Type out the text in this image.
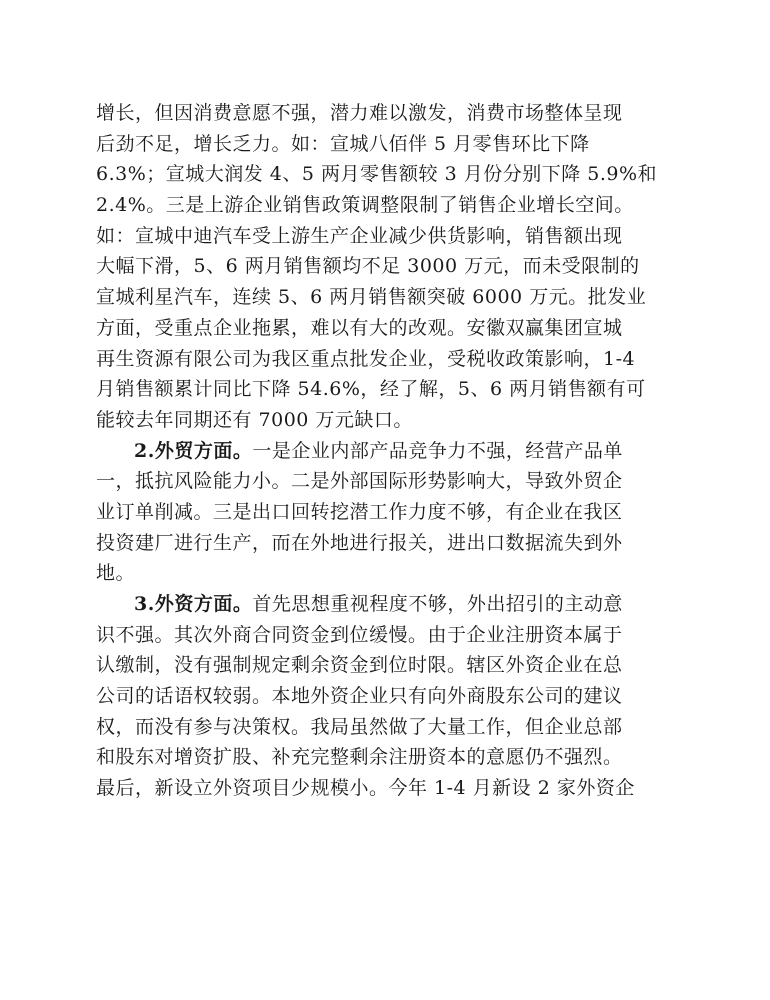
增长，但因消费意愿不强，潜力难以激发，消费市场整体呈现
后劲不足，增长乏力。如：宣城八佰伴 5 月零售环比下降
6.3%；宣城大润发 4、5 两月零售额较 3 月份分别下降 5.9%和
2.4%。三是上游企业销售政策调整限制了销售企业增长空间。
如：宣城中迪汽车受上游生产企业减少供货影响，销售额出现
大幅下滑，5、6 两月销售额均不足 3000 万元，而未受限制的
宣城利星汽车，连续 5、6 两月销售额突破 6000 万元。批发业
方面，受重点企业拖累，难以有大的改观。安徽双赢集团宣城
再生资源有限公司为我区重点批发企业，受税收政策影响，1-4
月销售额累计同比下降 54.6%，经了解，5、6 两月销售额有可
能较去年同期还有 7000 万元缺口。
2.外贸方面。一是企业内部产品竞争力不强，经营产品单
一，抵抗风险能力小。二是外部国际形势影响大，导致外贸企
业订单削减。三是出口回转挖潜工作力度不够，有企业在我区
投资建厂进行生产，而在外地进行报关，进出口数据流失到外
地。
3.外资方面。首先思想重视程度不够，外出招引的主动意
识不强。其次外商合同资金到位缓慢。由于企业注册资本属于
认缴制，没有强制规定剩余资金到位时限。辖区外资企业在总
公司的话语权较弱。本地外资企业只有向外商股东公司的建议
权，而没有参与决策权。我局虽然做了大量工作，但企业总部
和股东对增资扩股、补充完整剩余注册资本的意愿仍不强烈。
最后，新设立外资项目少规模小。今年 1-4 月新设 2 家外资企
